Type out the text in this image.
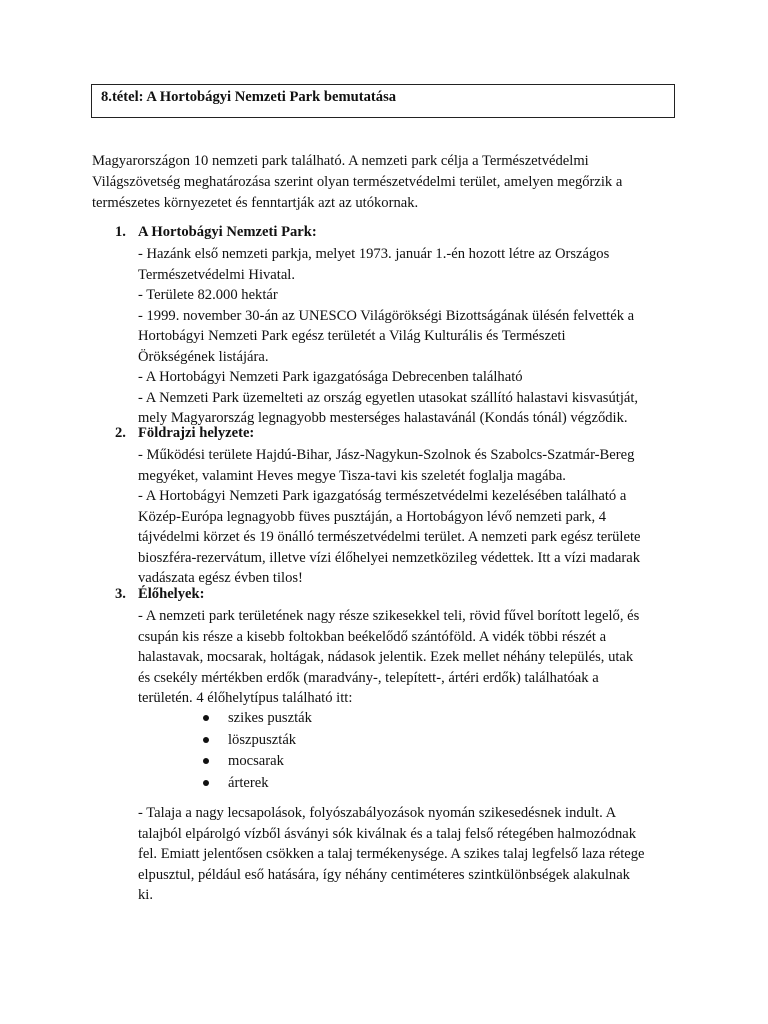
8.tétel: A Hortobágyi Nemzeti Park bemutatása
Magyarországon 10 nemzeti park található. A nemzeti park célja a Természetvédelmi
Világszövetség meghatározása szerint olyan természetvédelmi terület, amelyen megőrzik a
természetes környezetet és fenntartják azt az utókornak.
1. A Hortobágyi Nemzeti Park:
- Hazánk első nemzeti parkja, melyet 1973. január 1.-én hozott létre az Országos
Természetvédelmi Hivatal.
- Területe 82.000 hektár
- 1999. november 30-án az UNESCO Világörökségi Bizottságának ülésén felvették a
Hortobágyi Nemzeti Park egész területét a Világ Kulturális és Természeti
Örökségének listájára.
- A Hortobágyi Nemzeti Park igazgatósága Debrecenben található
- A Nemzeti Park üzemelteti az ország egyetlen utasokat szállító halastavi kisvasútját,
mely Magyarország legnagyobb mesterséges halastavánál (Kondás tónál) végződik.
2. Földrajzi helyzete:
- Működési területe Hajdú-Bihar, Jász-Nagykun-Szolnok és Szabolcs-Szatmár-Bereg
megyéket, valamint Heves megye Tisza-tavi kis szeletét foglalja magába.
- A Hortobágyi Nemzeti Park igazgatóság természetvédelmi kezelésében található a
Közép-Európa legnagyobb füves pusztáján, a Hortobágyon lévő nemzeti park, 4
tájvédelmi körzet és 19 önálló természetvédelmi terület. A nemzeti park egész területe
bioszféra-rezervátum, illetve vízi élőhelyei nemzetközileg védettek. Itt a vízi madarak
vadászata egész évben tilos!
3. Élőhelyek:
- A nemzeti park területének nagy része szikesekkel teli, rövid fűvel borított legelő, és
csupán kis része a kisebb foltokban beékelődő szántóföld. A vidék többi részét a
halastavak, mocsarak, holtágak, nádasok jelentik. Ezek mellet néhány település, utak
és csekély mértékben erdők (maradvány-, telepített-, ártéri erdők) találhatóak a
területén. 4 élőhelytípus található itt:
szikes puszták
löszpuszták
mocsarak
árterek
- Talaja a nagy lecsapolások, folyószabályozások nyomán szikesedésnek indult. A
talajból elpárolgó vízből ásványi sók kiválnak és a talaj felső rétegében halmozódnak
fel. Emiatt jelentősen csökken a talaj termékenysége. A szikes talaj legfelső laza rétege
elpusztul, például eső hatására, így néhány centiméteres szintkülönbségek alakulnak
ki.
